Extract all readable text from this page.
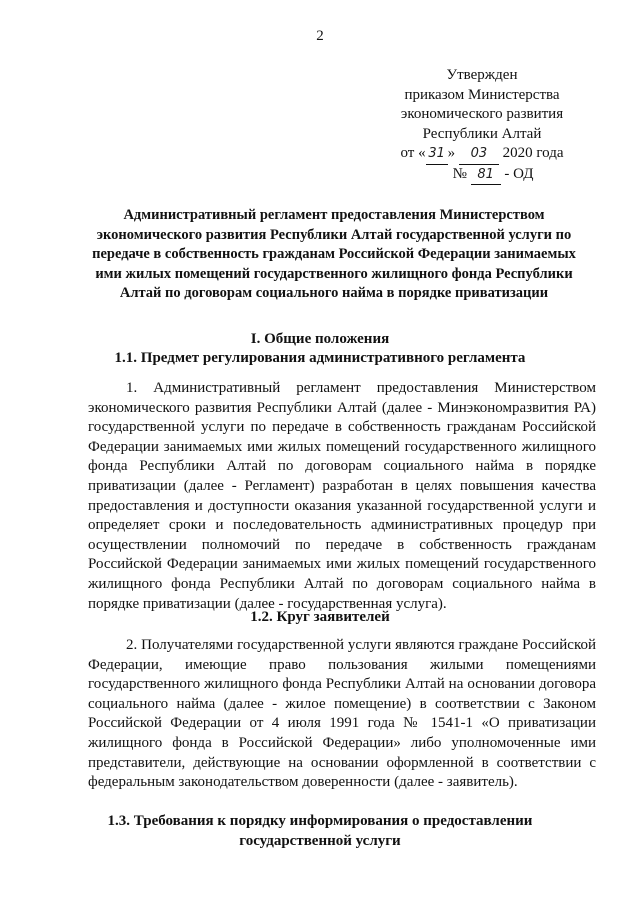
2
Утвержден
приказом Министерства
экономического развития
Республики Алтай
от « 31 » 03 2020 года
№ 81 - ОД
Административный регламент предоставления Министерством экономического развития Республики Алтай государственной услуги по передаче в собственность гражданам Российской Федерации занимаемых ими жилых помещений государственного жилищного фонда Республики Алтай по договорам социального найма в порядке приватизации
I. Общие положения
1.1. Предмет регулирования административного регламента
1. Административный регламент предоставления Министерством экономического развития Республики Алтай (далее - Минэкономразвития РА) государственной услуги по передаче в собственность гражданам Российской Федерации занимаемых ими жилых помещений государственного жилищного фонда Республики Алтай по договорам социального найма в порядке приватизации (далее - Регламент) разработан в целях повышения качества предоставления и доступности оказания указанной государственной услуги и определяет сроки и последовательность административных процедур при осуществлении полномочий по передаче в собственность гражданам Российской Федерации занимаемых ими жилых помещений государственного жилищного фонда Республики Алтай по договорам социального найма в порядке приватизации (далее - государственная услуга).
1.2. Круг заявителей
2. Получателями государственной услуги являются граждане Российской Федерации, имеющие право пользования жилыми помещениями государственного жилищного фонда Республики Алтай на основании договора социального найма (далее - жилое помещение) в соответствии с Законом Российской Федерации от 4 июля 1991 года № 1541-1 «О приватизации жилищного фонда в Российской Федерации» либо уполномоченные ими представители, действующие на основании оформленной в соответствии с федеральным законодательством доверенности (далее - заявитель).
1.3. Требования к порядку информирования о предоставлении
государственной услуги
